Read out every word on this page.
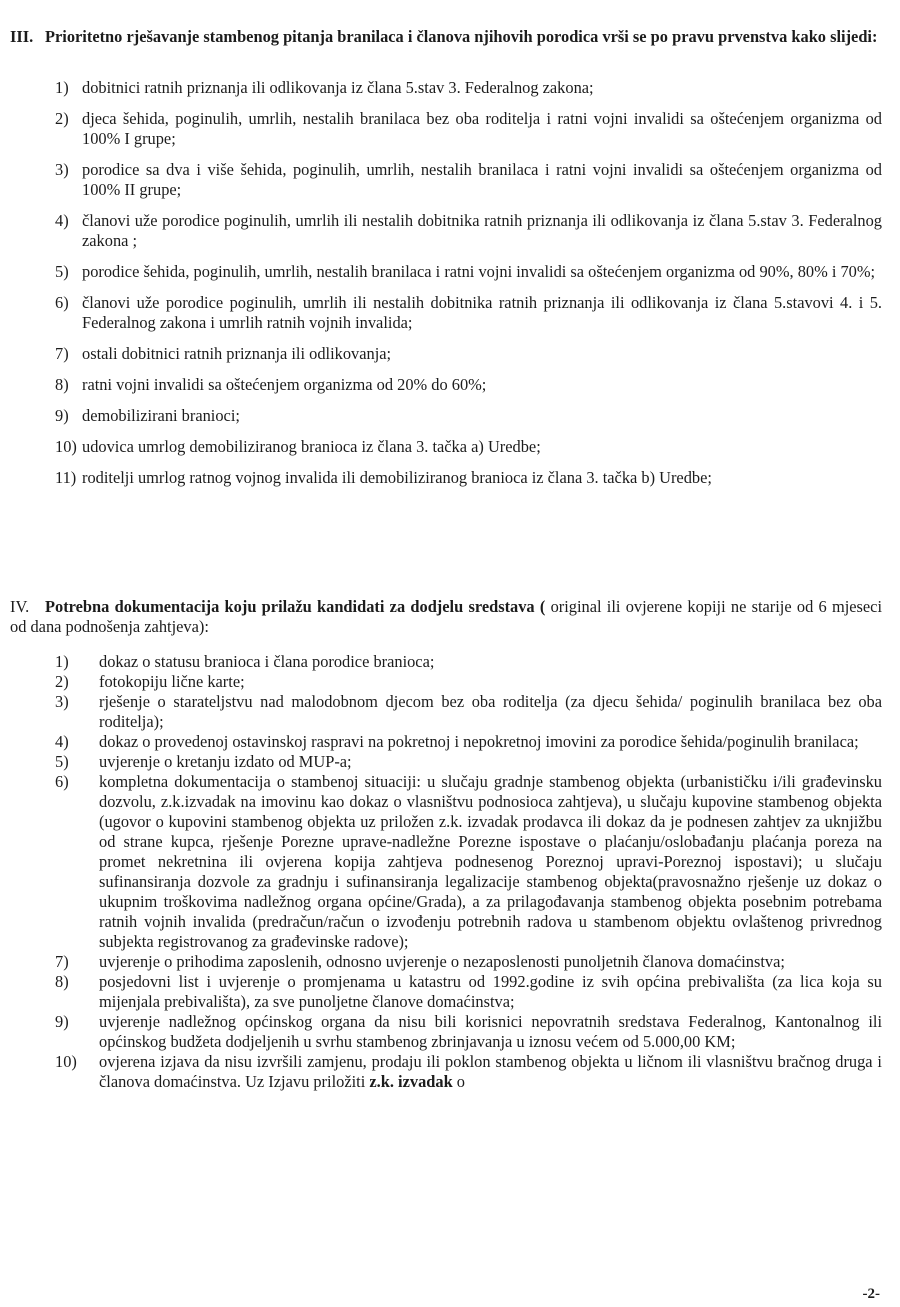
III. Prioritetno rješavanje stambenog pitanja branilaca i članova njihovih porodica vrši se po pravu prvenstva kako slijedi:
1) dobitnici ratnih priznanja ili odlikovanja iz člana 5.stav 3. Federalnog zakona;
2) djeca šehida, poginulih, umrlih, nestalih branilaca bez oba roditelja i ratni vojni invalidi sa oštećenjem organizma od 100% I grupe;
3) porodice sa dva i više šehida, poginulih, umrlih, nestalih branilaca i ratni vojni invalidi sa oštećenjem organizma od 100% II grupe;
4) članovi uže porodice poginulih, umrlih ili nestalih dobitnika ratnih priznanja ili odlikovanja iz člana 5.stav 3. Federalnog zakona ;
5) porodice šehida, poginulih, umrlih, nestalih branilaca i ratni vojni invalidi sa oštećenjem organizma od 90%, 80% i 70%;
6) članovi uže porodice poginulih, umrlih ili nestalih dobitnika ratnih priznanja ili odlikovanja iz člana 5.stavovi 4. i 5. Federalnog zakona i umrlih ratnih vojnih invalida;
7) ostali dobitnici ratnih priznanja ili odlikovanja;
8) ratni vojni invalidi sa oštećenjem organizma od 20% do 60%;
9) demobilizirani branioci;
10) udovica umrlog demobiliziranog branioca iz člana 3. tačka a) Uredbe;
11) roditelji umrlog ratnog vojnog invalida ili demobiliziranog branioca iz člana 3. tačka b) Uredbe;
IV. Potrebna dokumentacija koju prilažu kandidati za dodjelu sredstava ( original ili ovjerene kopiji ne starije od 6 mjeseci od dana podnošenja zahtjeva):
1) dokaz o statusu branioca i člana porodice branioca;
2) fotokopiju lične karte;
3) rješenje o starateljstvu nad malodobnom djecom bez oba roditelja (za djecu šehida/ poginulih branilaca bez oba roditelja);
4) dokaz o provedenoj ostavinskoj raspravi na pokretnoj i nepokretnoj imovini za porodice šehida/poginulih branilaca;
5) uvjerenje o kretanju izdato od MUP-a;
6) kompletna dokumentacija o stambenoj situaciji: u slučaju gradnje stambenog objekta (urbanističku i/ili građevinsku dozvolu, z.k.izvadak na imovinu kao dokaz o vlasništvu podnosioca zahtjeva), u slučaju kupovine stambenog objekta (ugovor o kupovini stambenog objekta uz priložen z.k. izvadak prodavca ili dokaz da je podnesen zahtjev za uknjižbu od strane kupca, rješenje Porezne uprave-nadležne Porezne ispostave o plaćanju/oslobađanju plaćanja poreza na promet nekretnina ili ovjerena kopija zahtjeva podnesenog Poreznoj upravi-Poreznoj ispostavi); u slučaju sufinansiranja dozvole za gradnju i sufinansiranja legalizacije stambenog objekta(pravosnažno rješenje uz dokaz o ukupnim troškovima nadležnog organa općine/Grada), a za prilagođavanja stambenog objekta posebnim potrebama ratnih vojnih invalida (predračun/račun o izvođenju potrebnih radova u stambenom objektu ovlaštenog privrednog subjekta registrovanog za građevinske radove);
7) uvjerenje o prihodima zaposlenih, odnosno uvjerenje o nezaposlenosti punoljetnih članova domaćinstva;
8) posjedovni list i uvjerenje o promjenama u katastru od 1992.godine iz svih općina prebivališta (za lica koja su mijenjala prebivališta), za sve punoljetne članove domaćinstva;
9) uvjerenje nadležnog općinskog organa da nisu bili korisnici nepovratnih sredstava Federalnog, Kantonalnog ili općinskog budžeta dodjeljenih u svrhu stambenog zbrinjavanja u iznosu većem od 5.000,00 KM;
10) ovjerena izjava da nisu izvršili zamjenu, prodaju ili poklon stambenog objekta u ličnom ili vlasništvu bračnog druga i članova domaćinstva. Uz Izjavu priložiti z.k. izvadak o
-2-
